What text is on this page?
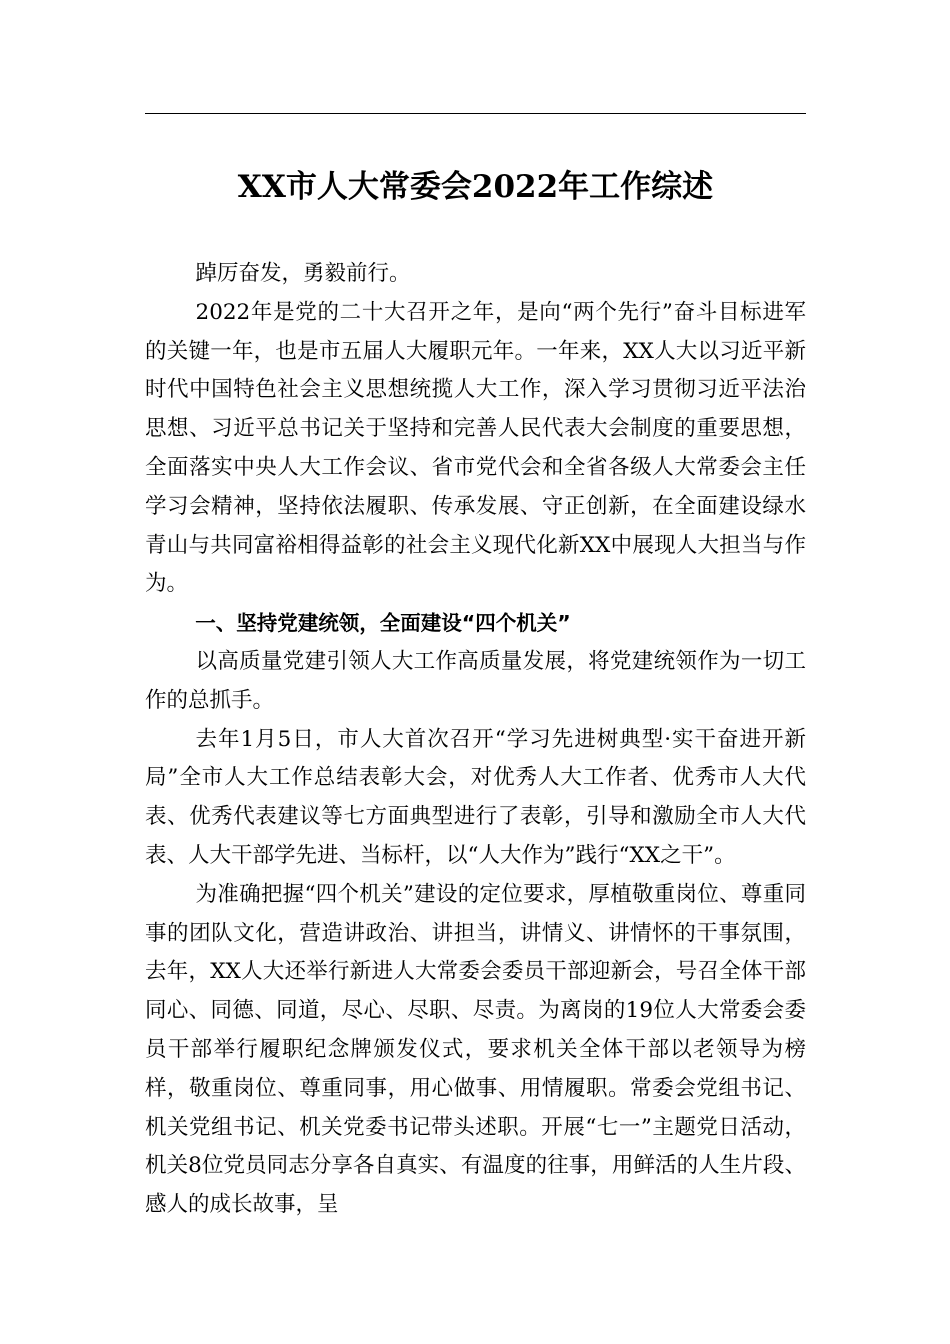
XX市人大常委会2022年工作综述

踔厉奋发，勇毅前行。

2022年是党的二十大召开之年，是向“两个先行”奋斗目标进军的关键一年，也是市五届人大履职元年。一年来，XX人大以习近平新时代中国特色社会主义思想统揽人大工作，深入学习贯彻习近平法治思想、习近平总书记关于坚持和完善人民代表大会制度的重要思想，全面落实中央人大工作会议、省市党代会和全省各级人大常委会主任学习会精神，坚持依法履职、传承发展、守正创新，在全面建设绿水青山与共同富裕相得益彰的社会主义现代化新XX中展现人大担当与作为。

一、坚持党建统领，全面建设“四个机关”

以高质量党建引领人大工作高质量发展，将党建统领作为一切工作的总抓手。

去年1月5日，市人大首次召开“学习先进树典型·实干奋进开新局”全市人大工作总结表彰大会，对优秀人大工作者、优秀市人大代表、优秀代表建议等七方面典型进行了表彰，引导和激励全市人大代表、人大干部学先进、当标杆，以“人大作为”践行“XX之干”。

为准确把握“四个机关”建设的定位要求，厚植敬重岗位、尊重同事的团队文化，营造讲政治、讲担当，讲情义、讲情怀的干事氛围，去年，XX人大还举行新进人大常委会委员干部迎新会，号召全体干部同心、同德、同道，尽心、尽职、尽责。为离岗的19位人大常委会委员干部举行履职纪念牌颁发仪式，要求机关全体干部以老领导为榜样，敬重岗位、尊重同事，用心做事、用情履职。常委会党组书记、机关党组书记、机关党委书记带头述职。开展“七一”主题党日活动，机关8位党员同志分享各自真实、有温度的往事，用鲜活的人生片段、感人的成长故事，呈
